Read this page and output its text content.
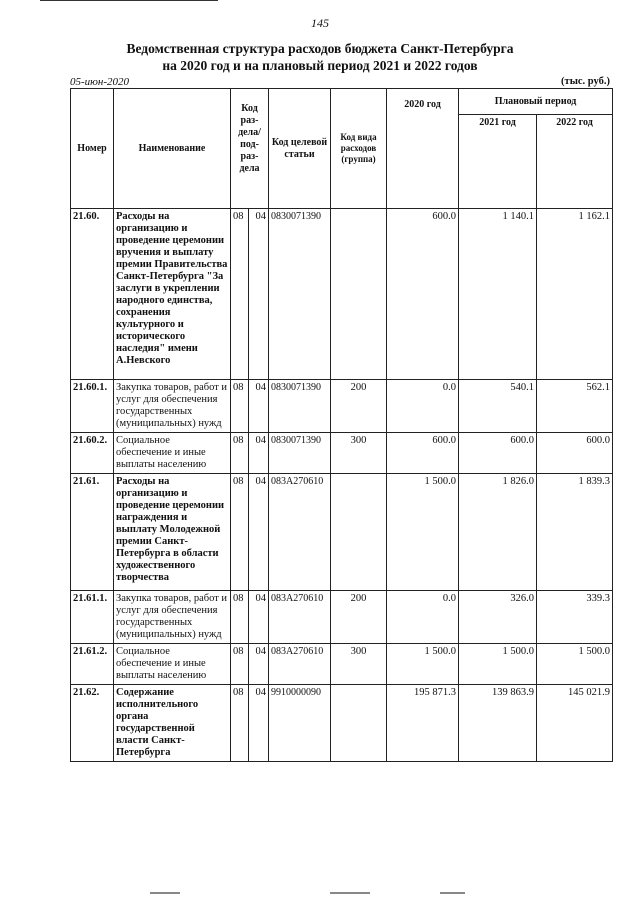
145
Ведомственная структура расходов бюджета Санкт-Петербурга
на 2020 год и на плановый период 2021 и 2022 годов
05-июн-2020	(тыс. руб.)
Номер	Наименование	Код раз-дела/ под-раз-дела		Код целевой статьи	Код вида расходов (группа)	2020 год	Плановый период	
							2021 год	2022 год
21.60.	Расходы на организацию и проведение церемонии вручения и выплату премии Правительства Санкт-Петербурга "За заслуги в укреплении народного единства, сохранения культурного и исторического наследия" имени А.Невского	08	04	0830071390		600.0	1 140.1	1 162.1
21.60.1.	Закупка товаров, работ и услуг для обеспечения государственных (муниципальных) нужд	08	04	0830071390	200	0.0	540.1	562.1
21.60.2.	Социальное обеспечение и иные выплаты населению	08	04	0830071390	300	600.0	600.0	600.0
21.61.	Расходы на организацию и проведение церемонии награждения и выплату Молодежной премии Санкт-Петербурга в области художественного творчества	08	04	083A270610		1 500.0	1 826.0	1 839.3
21.61.1.	Закупка товаров, работ и услуг для обеспечения государственных (муниципальных) нужд	08	04	083A270610	200	0.0	326.0	339.3
21.61.2.	Социальное обеспечение и иные выплаты населению	08	04	083A270610	300	1 500.0	1 500.0	1 500.0
21.62.	Содержание исполнительного органа государственной власти Санкт-Петербурга	08	04	9910000090		195 871.3	139 863.9	145 021.9
